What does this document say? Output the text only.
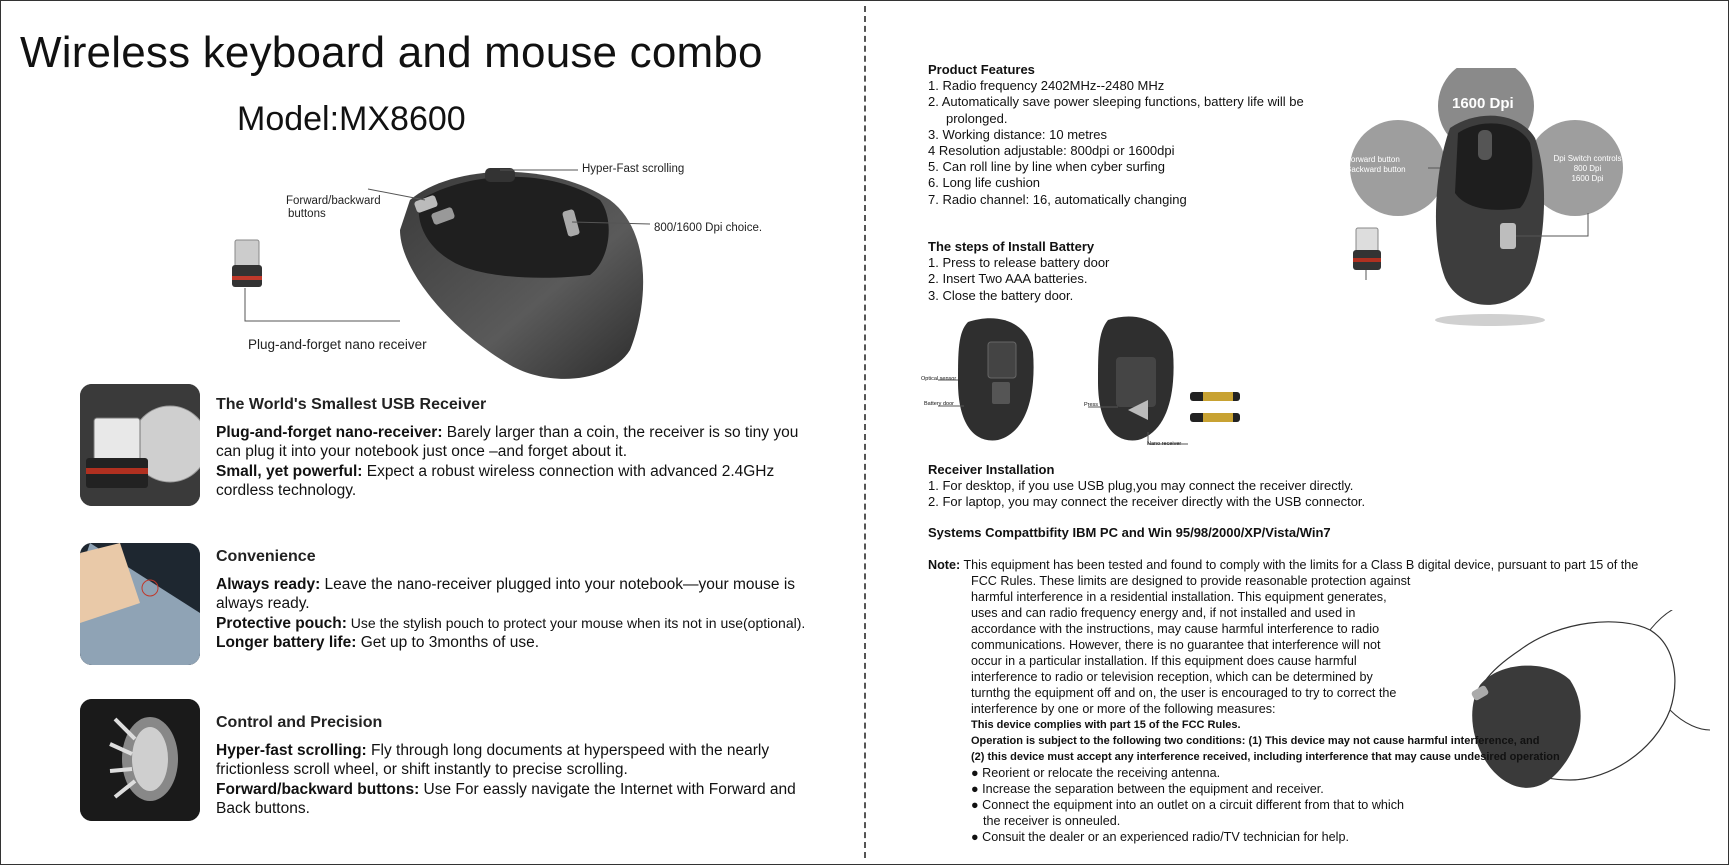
Wireless keyboard and mouse combo
Model:MX8600
Hyper-Fast scrolling
Forward/backward
buttons
800/1600 Dpi choice.
Plug-and-forget nano receiver
The World's Smallest USB Receiver

Plug-and-forget nano-receiver: Barely larger than a coin, the receiver is so tiny you can plug it into your notebook just once –and forget about it.

Small, yet powerful: Expect a robust wireless connection with advanced 2.4GHz cordless technology.

Convenience

Always ready: Leave the nano-receiver plugged into your notebook—your mouse is always ready.

Protective pouch: Use the stylish pouch to protect your mouse when its not in use(optional).

Longer battery life: Get up to 3months of use.

Control and Precision

Hyper-fast scrolling: Fly through long documents at hyperspeed with the nearly frictionless scroll wheel, or shift instantly to precise scrolling.

Forward/backward buttons: Use For eassly navigate the Internet with Forward and Back buttons.

Product Features
1. Radio frequency 2402MHz--2480 MHz
2. Automatically save power sleeping functions, battery life will be
prolonged.
3. Working distance: 10 metres
4 Resolution adjustable: 800dpi or 1600dpi
5. Can roll line by line when cyber surfing
6. Long life cushion
7. Radio channel: 16, automatically changing
1600 Dpi
Forward button
Backward button
Dpi Switch controls
800 Dpi
1600 Dpi
The steps of Install Battery
1. Press to release battery door
2. Insert Two AAA batteries.
3. Close the battery door.
Optical sensor
Battery door	Press
Nano receiver
Receiver Installation
1. For desktop, if you use USB plug,you may connect the receiver directly.
2. For laptop, you may connect the receiver directly with the USB connector.
Systems Compattbifity IBM PC and Win 95/98/2000/XP/Vista/Win7
Note: This equipment has been tested and found to comply with the limits for a Class B digital device, pursuant to part 15 of the
FCC Rules. These limits are designed to provide reasonable protection against
harmful interference in a residential installation. This equipment generates,
uses and can radio frequency energy and, if not installed and used in
accordance with the instructions, may cause harmful interference to radio
communications. However, there is no guarantee that interference will not
occur in a particular installation. If this equipment does cause harmful
interference to radio or television reception, which can be determined by
turnthg the equipment off and on, the user is encouraged to try to correct the
interference by one or more of the following measures:
This device complies with part 15 of the FCC Rules.
Operation is subject to the following two conditions: (1) This device may not cause harmful interference, and
(2) this device must accept any interference received, including interference that may cause undesired operation
● Reorient or relocate the receiving antenna.
● Increase the separation between the equipment and receiver.
● Connect the equipment into an outlet on a circuit different from that to which
the receiver is onneuled.
● Consuit the dealer or an experienced radio/TV technician for help.
